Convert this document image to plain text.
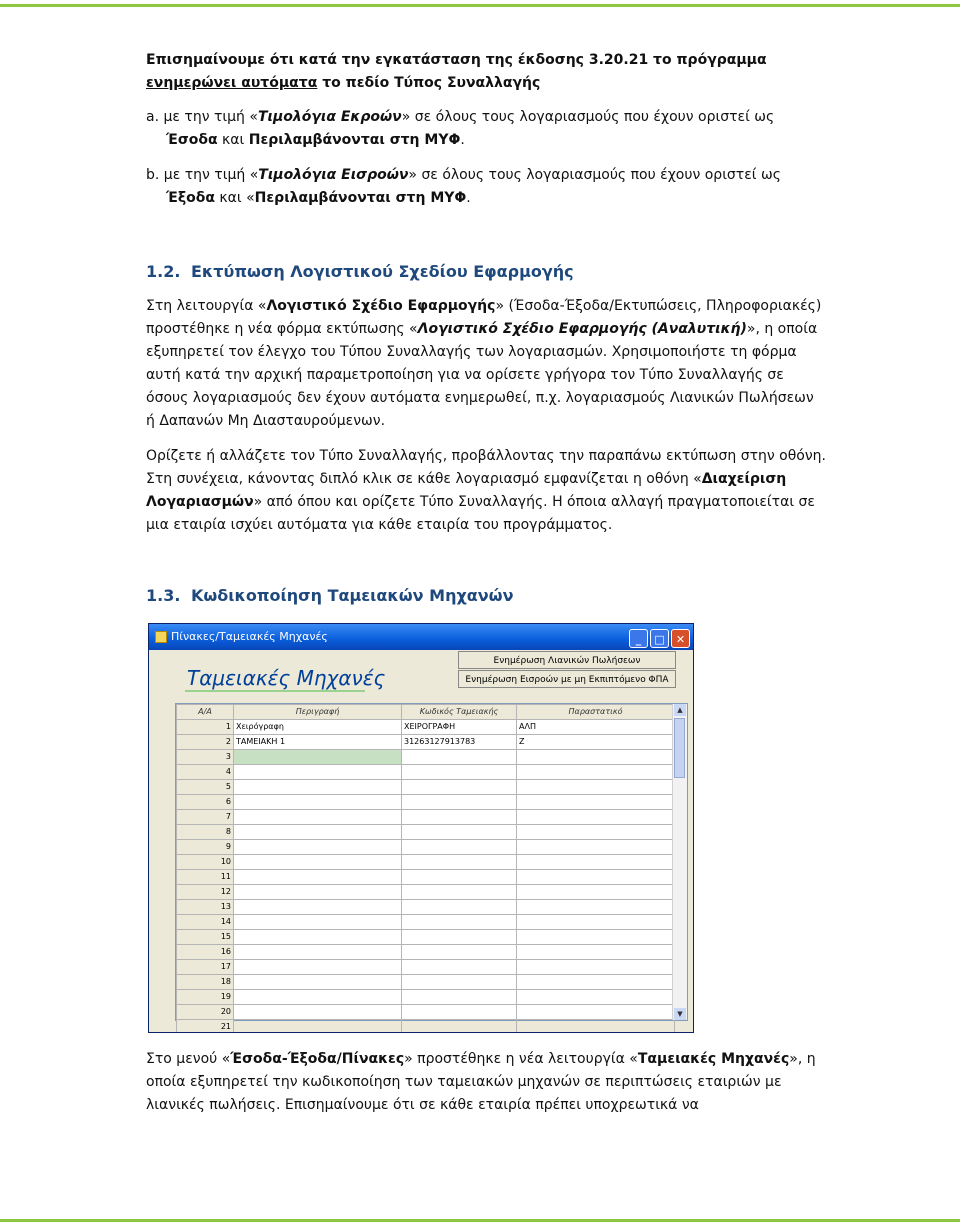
Επισημαίνουμε ότι κατά την εγκατάσταση της έκδοσης 3.20.21 το πρόγραμμα
ενημερώνει αυτόματα το πεδίο Τύπος Συναλλαγής
a. με την τιμή «Τιμολόγια Εκροών» σε όλους τους λογαριασμούς που έχουν οριστεί ως
Έσοδα και Περιλαμβάνονται στη ΜΥΦ.
b. με την τιμή «Τιμολόγια Εισροών» σε όλους τους λογαριασμούς που έχουν οριστεί ως
Έξοδα και «Περιλαμβάνονται στη ΜΥΦ.
1.2. Εκτύπωση Λογιστικού Σχεδίου Εφαρμογής
Στη λειτουργία «Λογιστικό Σχέδιο Εφαρμογής» (Έσοδα-Έξοδα/Εκτυπώσεις, Πληροφοριακές) προστέθηκε η νέα φόρμα εκτύπωσης «Λογιστικό Σχέδιο Εφαρμογής (Αναλυτική)», η οποία εξυπηρετεί τον έλεγχο του Τύπου Συναλλαγής των λογαριασμών. Χρησιμοποιήστε τη φόρμα αυτή κατά την αρχική παραμετροποίηση για να ορίσετε γρήγορα τον Τύπο Συναλλαγής σε όσους λογαριασμούς δεν έχουν αυτόματα ενημερωθεί, π.χ. λογαριασμούς Λιανικών Πωλήσεων ή Δαπανών Μη Διασταυρούμενων.
Ορίζετε ή αλλάζετε τον Τύπο Συναλλαγής, προβάλλοντας την παραπάνω εκτύπωση στην οθόνη. Στη συνέχεια, κάνοντας διπλό κλικ σε κάθε λογαριασμό εμφανίζεται η οθόνη «Διαχείριση Λογαριασμών» από όπου και ορίζετε Τύπο Συναλλαγής. Η όποια αλλαγή πραγματοποιείται σε μια εταιρία ισχύει αυτόματα για κάθε εταιρία του προγράμματος.
1.3. Κωδικοποίηση Ταμειακών Μηχανών
Πίνακες/Ταμειακές Μηχανές	_ □ ✕
Ταμειακές Μηχανές
Ενημέρωση Λιανικών Πωλήσεων
Ενημέρωση Εισροών με μη Εκπιπτόμενο ΦΠΑ
Α/Α	Περιγραφή	Κωδικός Ταμειακής	Παραστατικό
1	Χειρόγραφη	ΧΕΙΡΟΓΡΑΦΗ	ΑΛΠ
2	ΤΑΜΕΙΑΚΗ 1	31263127913783	Ζ
3			
4			
5			
6			
7			
8			
9			
10			
11			
12			
13			
14			
15			
16			
17			
18			
19			
20			
21			
▲
▼
Στο μενού «Έσοδα-Έξοδα/Πίνακες» προστέθηκε η νέα λειτουργία «Ταμειακές Μηχανές», η οποία εξυπηρετεί την κωδικοποίηση των ταμειακών μηχανών σε περιπτώσεις εταιριών με λιανικές πωλήσεις. Επισημαίνουμε ότι σε κάθε εταιρία πρέπει υποχρεωτικά να
